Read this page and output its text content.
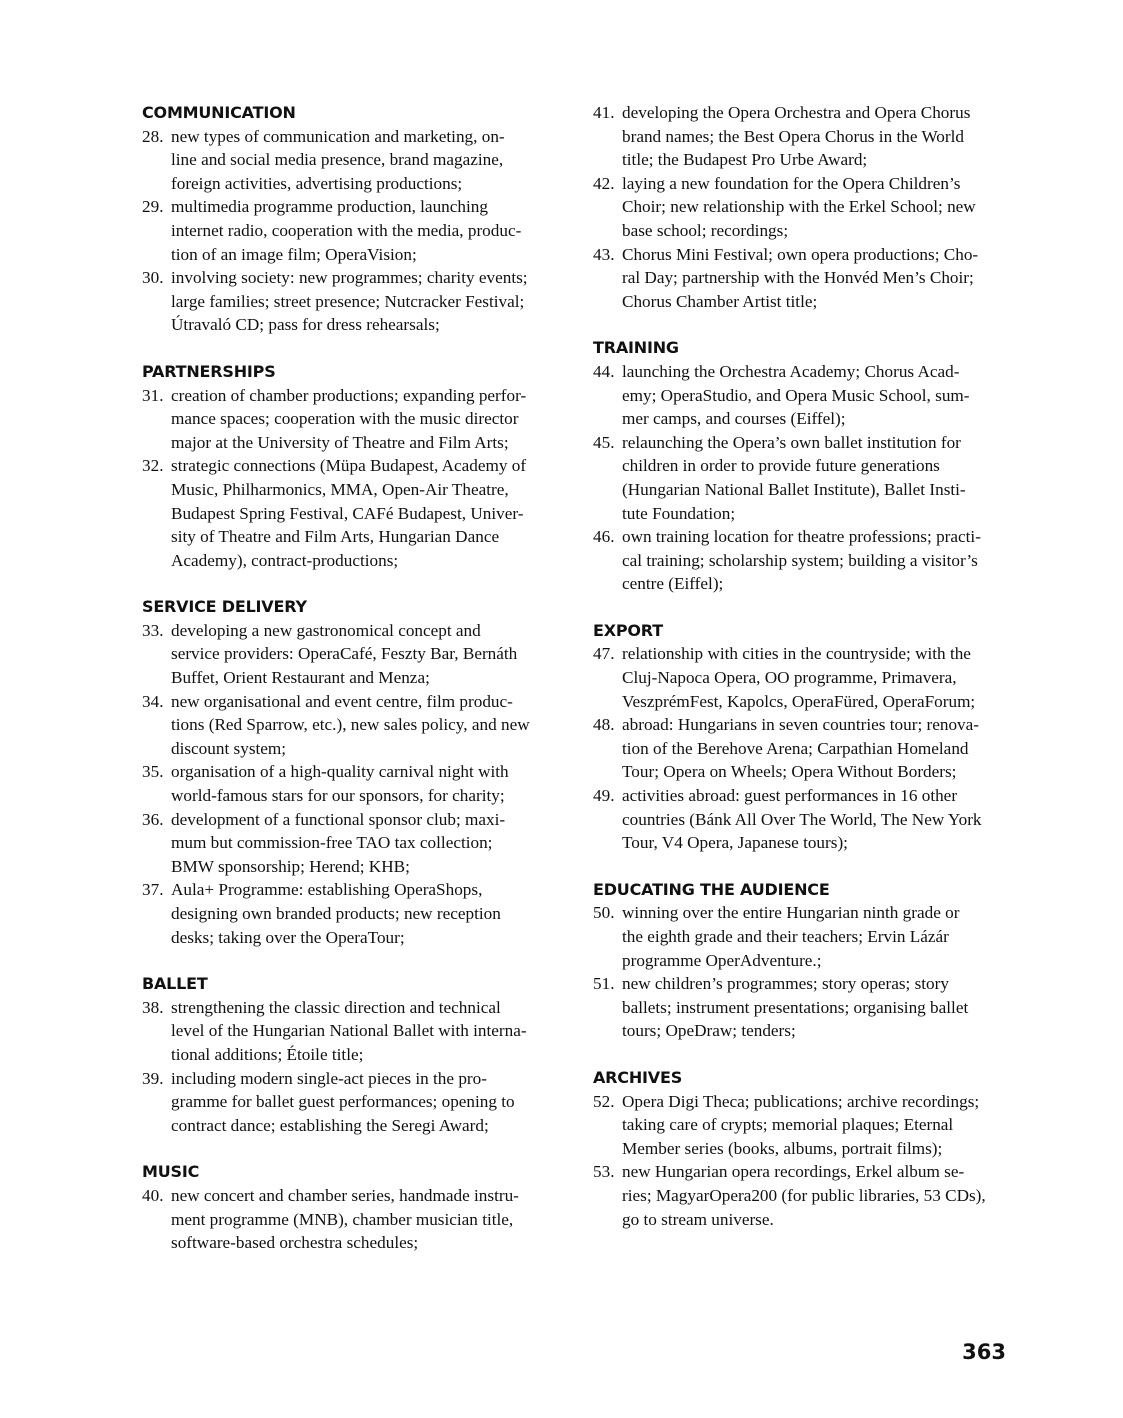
COMMUNICATION
28. new types of communication and marketing, on-
line and social media presence, brand magazine,
foreign activities, advertising productions;
29. multimedia programme production, launching
internet radio, cooperation with the media, produc-
tion of an image film; OperaVision;
30. involving society: new programmes; charity events;
large families; street presence; Nutcracker Festival;
Útravaló CD; pass for dress rehearsals;
PARTNERSHIPS
31. creation of chamber productions; expanding perfor-
mance spaces; cooperation with the music director
major at the University of Theatre and Film Arts;
32. strategic connections (Müpa Budapest, Academy of
Music, Philharmonics, MMA, Open-Air Theatre,
Budapest Spring Festival, CAFé Budapest, Univer-
sity of Theatre and Film Arts, Hungarian Dance
Academy), contract-productions;
SERVICE DELIVERY
33. developing a new gastronomical concept and
service providers: OperaCafé, Feszty Bar, Bernáth
Buffet, Orient Restaurant and Menza;
34. new organisational and event centre, film produc-
tions (Red Sparrow, etc.), new sales policy, and new
discount system;
35. organisation of a high-quality carnival night with
world-famous stars for our sponsors, for charity;
36. development of a functional sponsor club; maxi-
mum but commission-free TAO tax collection;
BMW sponsorship; Herend; KHB;
37. Aula+ Programme: establishing OperaShops,
designing own branded products; new reception
desks; taking over the OperaTour;
BALLET
38. strengthening the classic direction and technical
level of the Hungarian National Ballet with interna-
tional additions; Étoile title;
39. including modern single-act pieces in the pro-
gramme for ballet guest performances; opening to
contract dance; establishing the Seregi Award;
MUSIC
40. new concert and chamber series, handmade instru-
ment programme (MNB), chamber musician title,
software-based orchestra schedules;
41. developing the Opera Orchestra and Opera Chorus
brand names; the Best Opera Chorus in the World
title; the Budapest Pro Urbe Award;
42. laying a new foundation for the Opera Children’s
Choir; new relationship with the Erkel School; new
base school; recordings;
43. Chorus Mini Festival; own opera productions; Cho-
ral Day; partnership with the Honvéd Men’s Choir;
Chorus Chamber Artist title;
TRAINING
44. launching the Orchestra Academy; Chorus Acad-
emy; OperaStudio, and Opera Music School, sum-
mer camps, and courses (Eiffel);
45. relaunching the Opera’s own ballet institution for
children in order to provide future generations
(Hungarian National Ballet Institute), Ballet Insti-
tute Foundation;
46. own training location for theatre professions; practi-
cal training; scholarship system; building a visitor’s
centre (Eiffel);
EXPORT
47. relationship with cities in the countryside; with the
Cluj-Napoca Opera, OO programme, Primavera,
VeszprémFest, Kapolcs, OperaFüred, OperaForum;
48. abroad: Hungarians in seven countries tour; renova-
tion of the Berehove Arena; Carpathian Homeland
Tour; Opera on Wheels; Opera Without Borders;
49. activities abroad: guest performances in 16 other
countries (Bánk All Over The World, The New York
Tour, V4 Opera, Japanese tours);
EDUCATING THE AUDIENCE
50. winning over the entire Hungarian ninth grade or
the eighth grade and their teachers; Ervin Lázár
programme OperAdventure.;
51. new children’s programmes; story operas; story
ballets; instrument presentations; organising ballet
tours; OpeDraw; tenders;
ARCHIVES
52. Opera Digi Theca; publications; archive recordings;
taking care of crypts; memorial plaques; Eternal
Member series (books, albums, portrait films);
53. new Hungarian opera recordings, Erkel album se-
ries; MagyarOpera200 (for public libraries, 53 CDs),
go to stream universe.
363
